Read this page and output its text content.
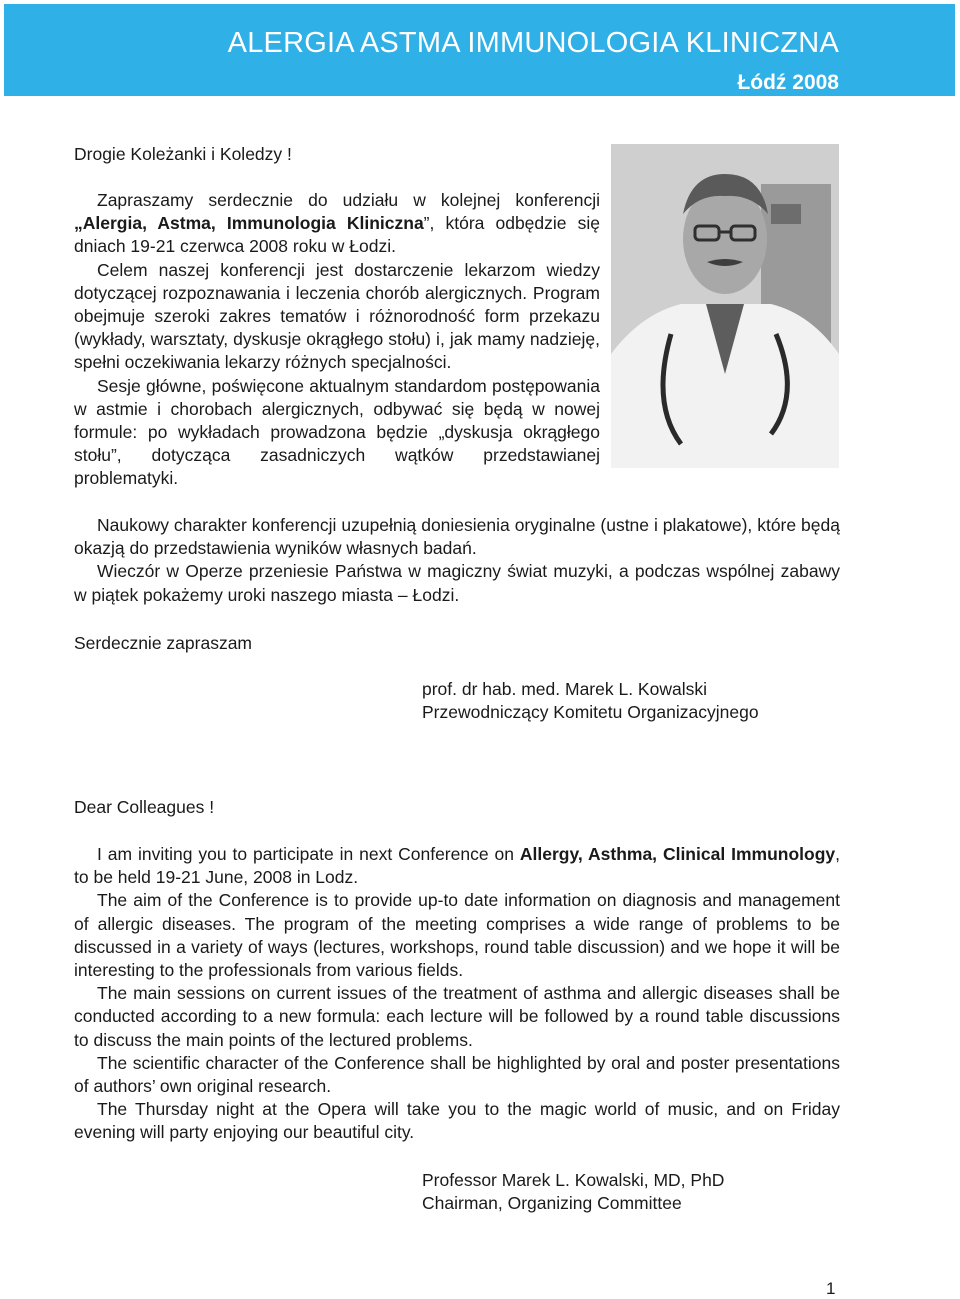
ALERGIA ASTMA IMMUNOLOGIA KLINICZNA
Łódź 2008

Drogie Koleżanki i Koledzy !

Zapraszamy serdecznie do udziału w kolejnej konferencji „Alergia, Astma, Immunologia Kliniczna”, która odbędzie się dniach 19-21 czerwca 2008 roku w Łodzi.

Celem naszej konferencji jest dostarczenie lekarzom wiedzy dotyczącej rozpoznawania i leczenia chorób alergicznych. Program obejmuje szeroki zakres tematów i różnorodność form przekazu (wykłady, warsztaty, dyskusje okrągłego stołu) i, jak mamy nadzieję, spełni oczekiwania lekarzy różnych specjalności.

Sesje główne, poświęcone aktualnym standardom postępowania w astmie i chorobach alergicznych, odbywać się będą w nowej formule: po wykładach prowadzona będzie „dyskusja okrągłego stołu”, dotycząca zasadniczych wątków przedstawianej problematyki.

Naukowy charakter konferencji uzupełnią doniesienia oryginalne (ustne i plakatowe), które będą okazją do przedstawienia wyników własnych badań.

Wieczór w Operze przeniesie Państwa w magiczny świat muzyki, a podczas wspólnej zabawy w piątek pokażemy uroki naszego miasta – Łodzi.

Serdecznie zapraszam

prof. dr hab. med. Marek L. Kowalski
Przewodniczący Komitetu Organizacyjnego

Dear Colleagues !

I am inviting you to participate in next Conference on Allergy, Asthma, Clinical Immunology, to be held 19-21 June, 2008 in Lodz.

The aim of the Conference is to provide up-to date information on diagnosis and management of allergic diseases. The program of the meeting comprises a wide range of problems to be discussed in a variety of ways (lectures, workshops, round table discussion) and we hope it will be interesting to the professionals from various fields.

The main sessions on current issues of the treatment of asthma and allergic diseases shall be conducted according to a new formula: each lecture will be followed by a round table discussions to discuss the main points of the lectured problems.

The scientific character of the Conference shall be highlighted by oral and poster presentations of authors’ own original research.

The Thursday night at the Opera will take you to the magic world of music, and on Friday evening will party enjoying our beautiful city.

Professor Marek L. Kowalski, MD, PhD
Chairman, Organizing Committee
1
